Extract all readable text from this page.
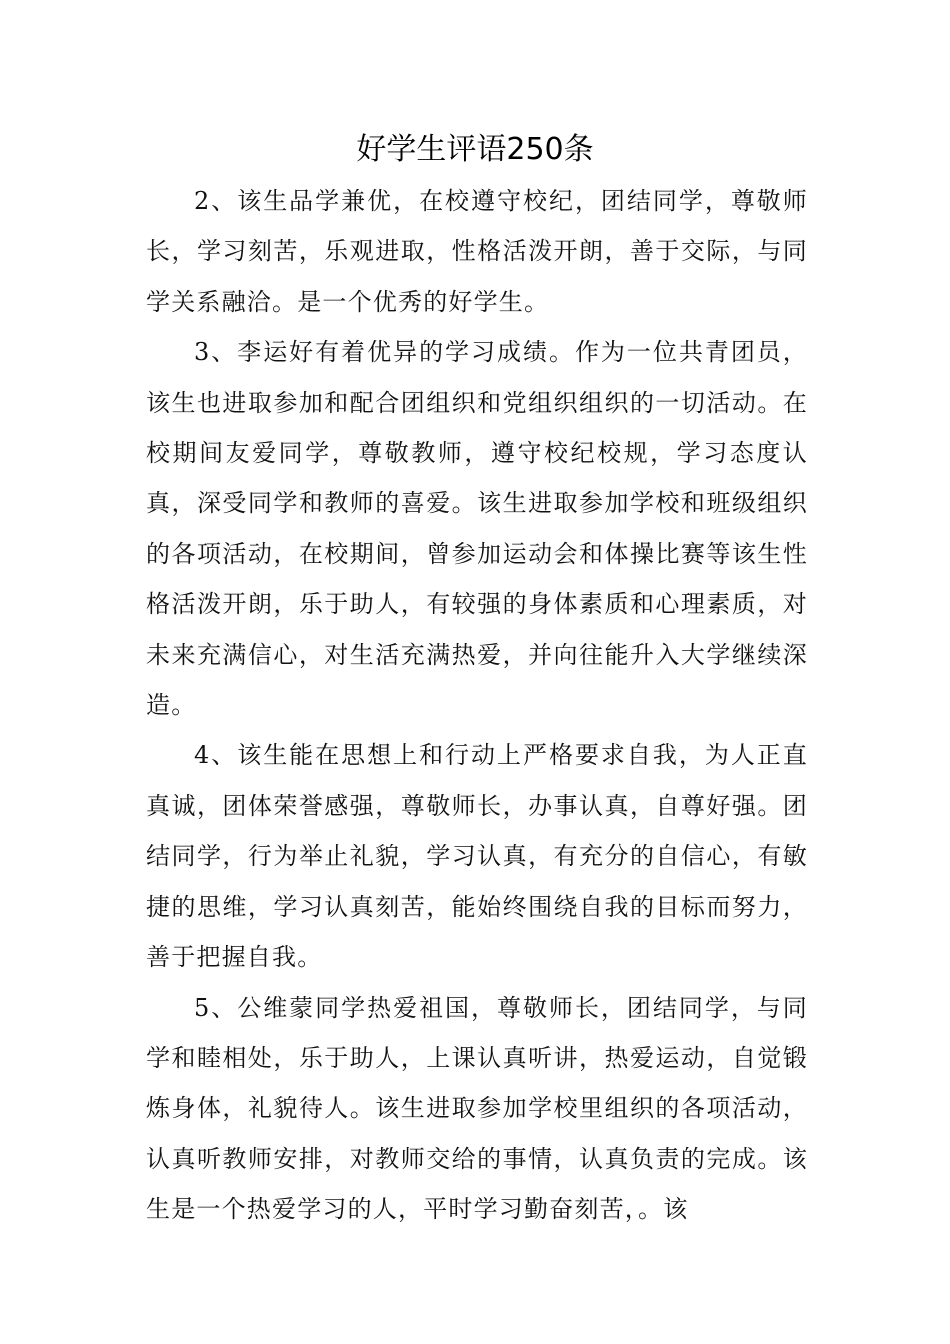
好学生评语250条

2、该生品学兼优，在校遵守校纪，团结同学，尊敬师长，学习刻苦，乐观进取，性格活泼开朗，善于交际，与同学关系融洽。是一个优秀的好学生。

3、李运好有着优异的学习成绩。作为一位共青团员，该生也进取参加和配合团组织和党组织组织的一切活动。在校期间友爱同学，尊敬教师，遵守校纪校规，学习态度认真，深受同学和教师的喜爱。该生进取参加学校和班级组织的各项活动，在校期间，曾参加运动会和体操比赛等该生性格活泼开朗，乐于助人，有较强的身体素质和心理素质，对未来充满信心，对生活充满热爱，并向往能升入大学继续深造。

4、该生能在思想上和行动上严格要求自我，为人正直真诚，团体荣誉感强，尊敬师长，办事认真，自尊好强。团结同学，行为举止礼貌，学习认真，有充分的自信心，有敏捷的思维，学习认真刻苦，能始终围绕自我的目标而努力，善于把握自我。

5、公维蒙同学热爱祖国，尊敬师长，团结同学，与同学和睦相处，乐于助人，上课认真听讲，热爱运动，自觉锻炼身体，礼貌待人。该生进取参加学校里组织的各项活动，认真听教师安排，对教师交给的事情，认真负责的完成。该生是一个热爱学习的人，平时学习勤奋刻苦，。该
